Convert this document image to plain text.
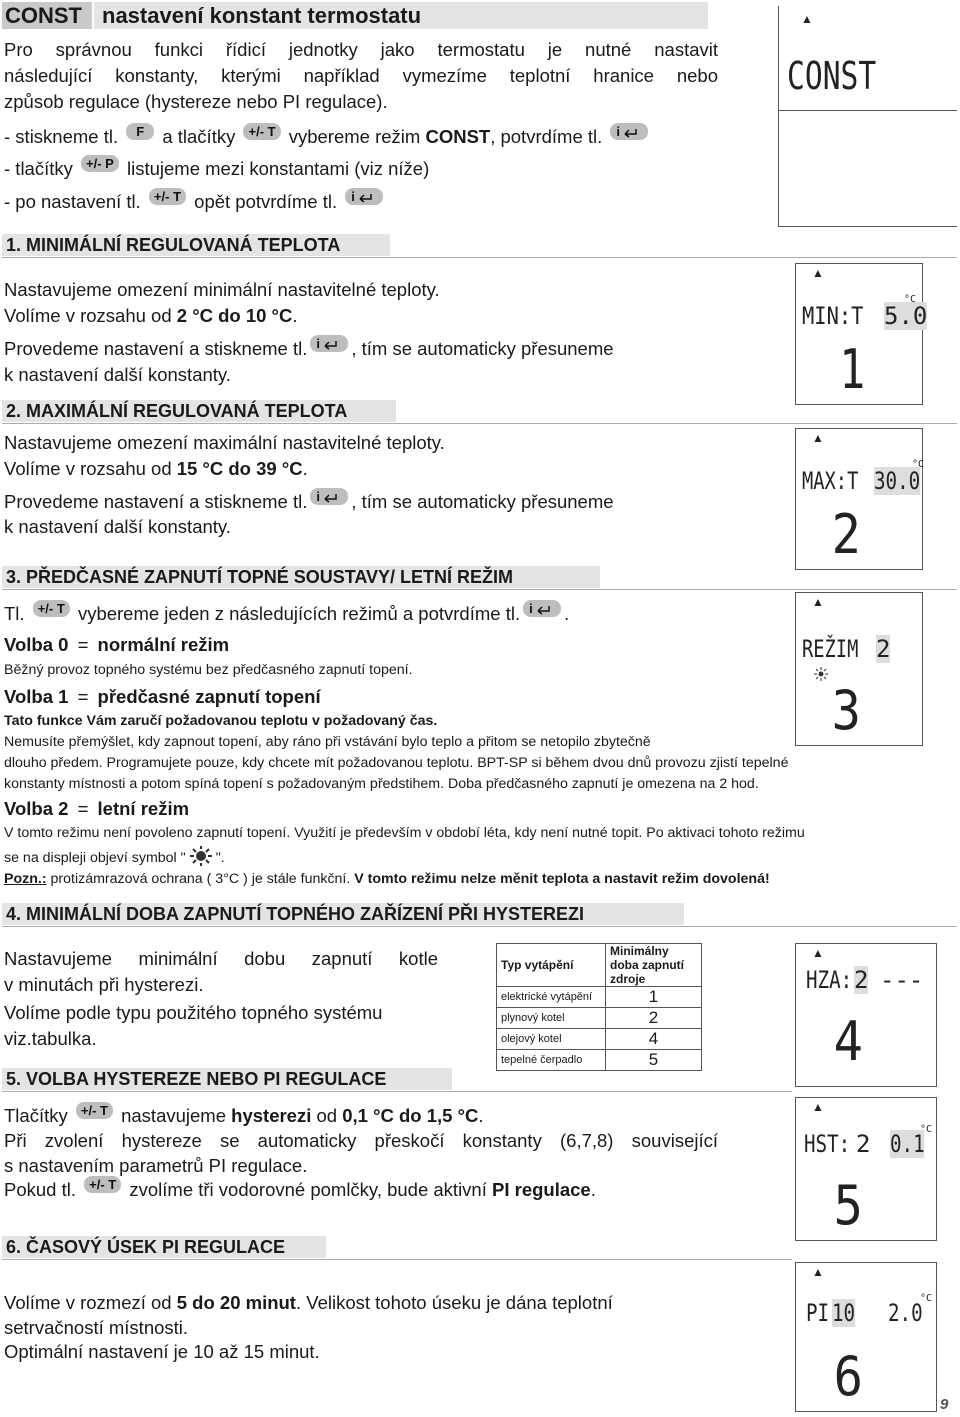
CONST nastavení konstant termostatu
Pro správnou funkci řídicí jednotky jako termostatu je nutné nastavit
následující konstanty, kterými například vymezíme teplotní hranice nebo
způsob regulace (hystereze nebo PI regulace).
- stiskneme tl. F a tlačítky +/- T vybereme režim CONST, potvrdíme tl. i
- tlačítky +/- P listujeme mezi konstantami (viz níže)
- po nastavení tl. +/- T opět potvrdíme tl. i
1. MINIMÁLNÍ REGULOVANÁ TEPLOTA
Nastavujeme omezení minimální nastavitelné teploty.
Volíme v rozsahu od 2 °C do 10 °C.
Provedeme nastavení a stiskneme tl. i , tím se automaticky přesuneme
k nastavení další konstanty.
2. MAXIMÁLNÍ REGULOVANÁ TEPLOTA
Nastavujeme omezení maximální nastavitelné teploty.
Volíme v rozsahu od 15 °C do 39 °C.
Provedeme nastavení a stiskneme tl. i , tím se automaticky přesuneme
k nastavení další konstanty.
3. PŘEDČASNÉ ZAPNUTÍ TOPNÉ SOUSTAVY/ LETNÍ REŽIM
Tl. +/- T vybereme jeden z následujících režimů a potvrdíme tl. i .
Volba 0 = normální režim
Běžný provoz topného systému bez předčasného zapnutí topení.
Volba 1 = předčasné zapnutí topení
Tato funkce Vám zaručí požadovanou teplotu v požadovaný čas.
Nemusíte přemýšlet, kdy zapnout topení, aby ráno při vstávání bylo teplo a přitom se netopilo zbytečně
dlouho předem. Programujete pouze, kdy chcete mít požadovanou teplotu. BPT-SP si během dvou dnů provozu zjistí tepelné
konstanty místnosti a potom spíná topení s požadovaným předstihem. Doba předčasného zapnutí je omezena na 2 hod.
Volba 2 = letní režim
V tomto režimu není povoleno zapnutí topení. Využití je především v období léta, kdy není nutné topit. Po aktivaci tohoto režimu
se na displeji objeví symbol " ".
Pozn.: protizámrazová ochrana ( 3°C ) je stále funkční. V tomto režimu nelze měnit teplota a nastavit režim dovolená!
4. MINIMÁLNÍ DOBA ZAPNUTÍ TOPNÉHO ZAŘÍZENÍ PŘI HYSTEREZI
Nastavujeme minimální dobu zapnutí kotle
v minutách při hysterezi.
Volíme podle typu použitého topného systému
viz.tabulka.
Typ vytápění	Minimálny doba zapnutí zdroje
elektrické vytápění	1
plynový kotel	2
olejový kotel	4
tepelné čerpadlo	5
5. VOLBA HYSTEREZE NEBO PI REGULACE
Tlačítky +/- T nastavujeme hysterezi od 0,1 °C do 1,5 °C.
Při zvolení hystereze se automaticky přeskočí konstanty (6,7,8) související
s nastavením parametrů PI regulace.
Pokud tl. +/- T zvolíme tři vodorovné pomlčky, bude aktivní PI regulace.
6. ČASOVÝ ÚSEK PI REGULACE
Volíme v rozmezí od 5 do 20 minut. Velikost tohoto úseku je dána teplotní
setrvačností místnosti.
Optimální nastavení je 10 až 15 minut.
▲
CONST
▲
MIN:T 5.0
°C
1
▲
MAX:T 30.0
°C
2
▲
REŽIM 2
3
▲
HZA: 2 ---
4
▲
HST: 2 0.1
°C
5
▲
PI 10 2.0
°C
6	9
